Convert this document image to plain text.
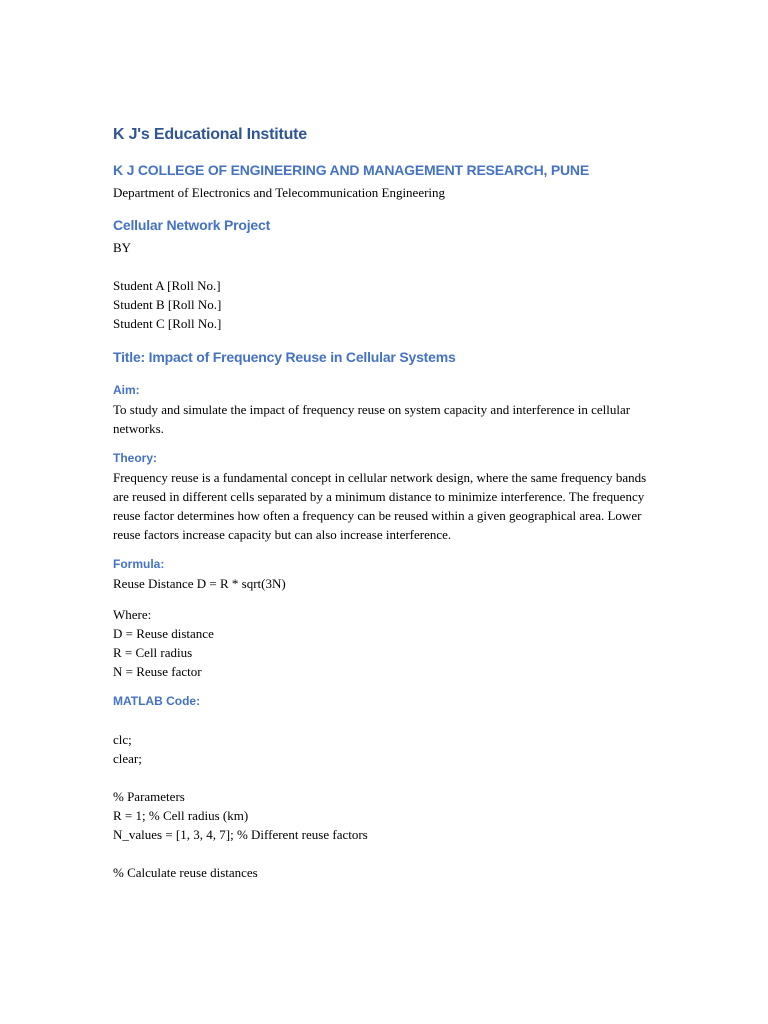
K J's Educational Institute
K J COLLEGE OF ENGINEERING AND MANAGEMENT RESEARCH, PUNE

Department of Electronics and Telecommunication Engineering

Cellular Network Project

BY

Student A [Roll No.]

Student B [Roll No.]

Student C [Roll No.]

Title: Impact of Frequency Reuse in Cellular Systems
Aim:

To study and simulate the impact of frequency reuse on system capacity and interference in cellular networks.

Theory:

Frequency reuse is a fundamental concept in cellular network design, where the same frequency bands are reused in different cells separated by a minimum distance to minimize interference. The frequency reuse factor determines how often a frequency can be reused within a given geographical area. Lower reuse factors increase capacity but can also increase interference.

Formula:

Reuse Distance D = R * sqrt(3N)

Where:

D = Reuse distance

R = Cell radius

N = Reuse factor

MATLAB Code:

clc;

clear;

% Parameters

R = 1; % Cell radius (km)

N_values = [1, 3, 4, 7]; % Different reuse factors

% Calculate reuse distances
